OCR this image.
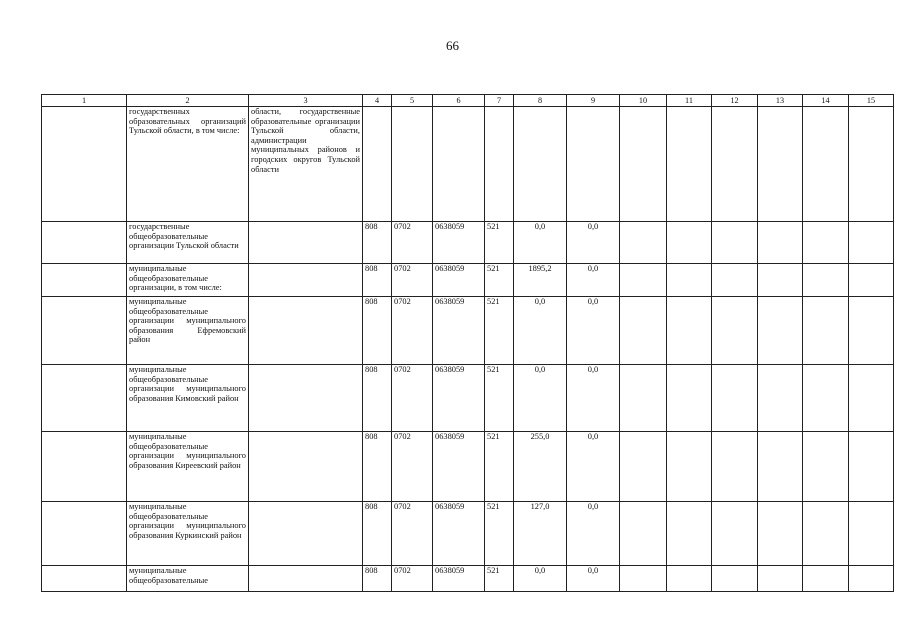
66
1	2	3	4	5	6	7	8	9	10	11	12	13	14	15
	государственных образовательных организаций Тульской области, в том числе:	области, государственные образовательные организации Тульской области, администрации муниципальных районов и городских округов Тульской области												
	государственные общеобразовательные организации Тульской области		808	0702	0638059	521	0,0	0,0						
	муниципальные общеобразовательные организации, в том числе:		808	0702	0638059	521	1895,2	0,0						
	муниципальные общеобразовательные организации муниципального образования Ефремовский район		808	0702	0638059	521	0,0	0,0						
	муниципальные общеобразовательные организации муниципального образования Кимовский район		808	0702	0638059	521	0,0	0,0						
	муниципальные общеобразовательные организации муниципального образования Киреевский район		808	0702	0638059	521	255,0	0,0						
	муниципальные общеобразовательные организации муниципального образования Куркинский район		808	0702	0638059	521	127,0	0,0						
	муниципальные общеобразовательные		808	0702	0638059	521	0,0	0,0						
